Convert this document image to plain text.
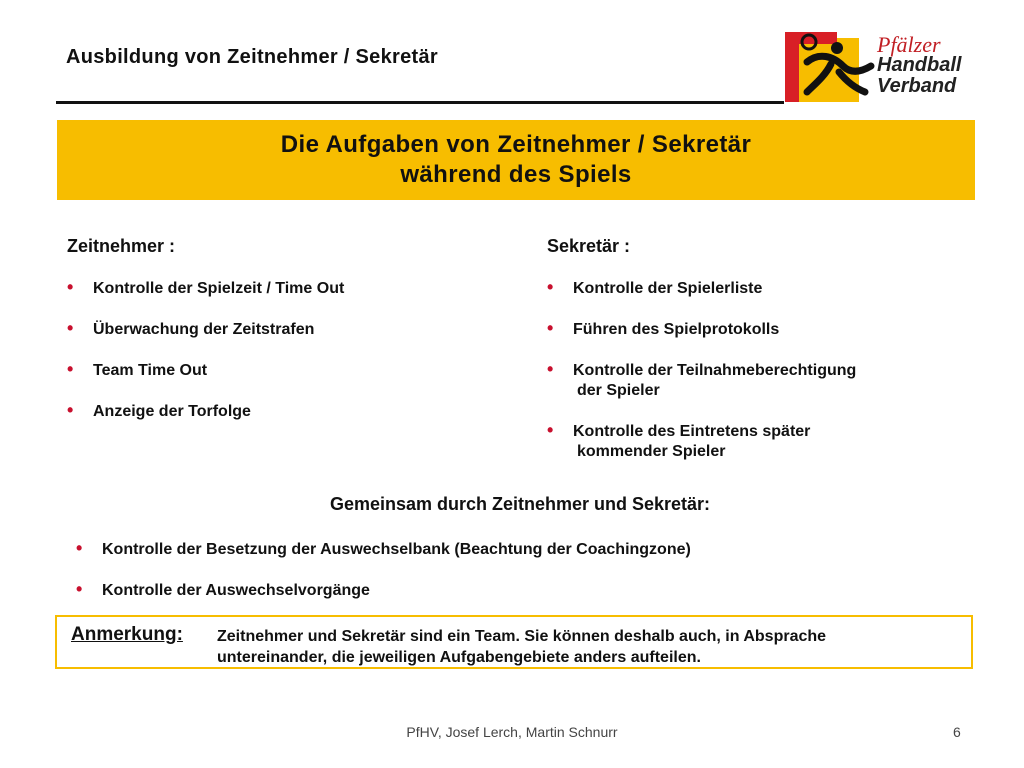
Ausbildung von Zeitnehmer / Sekretär	Pfälzer
Handball
Verband
Die Aufgaben von Zeitnehmer / Sekretär
während des Spiels
Zeitnehmer :
• Kontrolle der Spielzeit / Time Out
• Überwachung der Zeitstrafen
• Team Time Out
• Anzeige der Torfolge
Sekretär :
• Kontrolle der Spielerliste
• Führen des Spielprotokolls
• Kontrolle der Teilnahmeberechtigung
der Spieler
• Kontrolle des Eintretens später
kommender Spieler
Gemeinsam durch Zeitnehmer und Sekretär:
• Kontrolle der Besetzung der Auswechselbank (Beachtung der Coachingzone)
• Kontrolle der Auswechselvorgänge
Anmerkung: Zeitnehmer und Sekretär sind ein Team. Sie können deshalb auch, in Absprache
untereinander, die jeweiligen Aufgabengebiete anders aufteilen.
PfHV, Josef Lerch, Martin Schnurr	6
